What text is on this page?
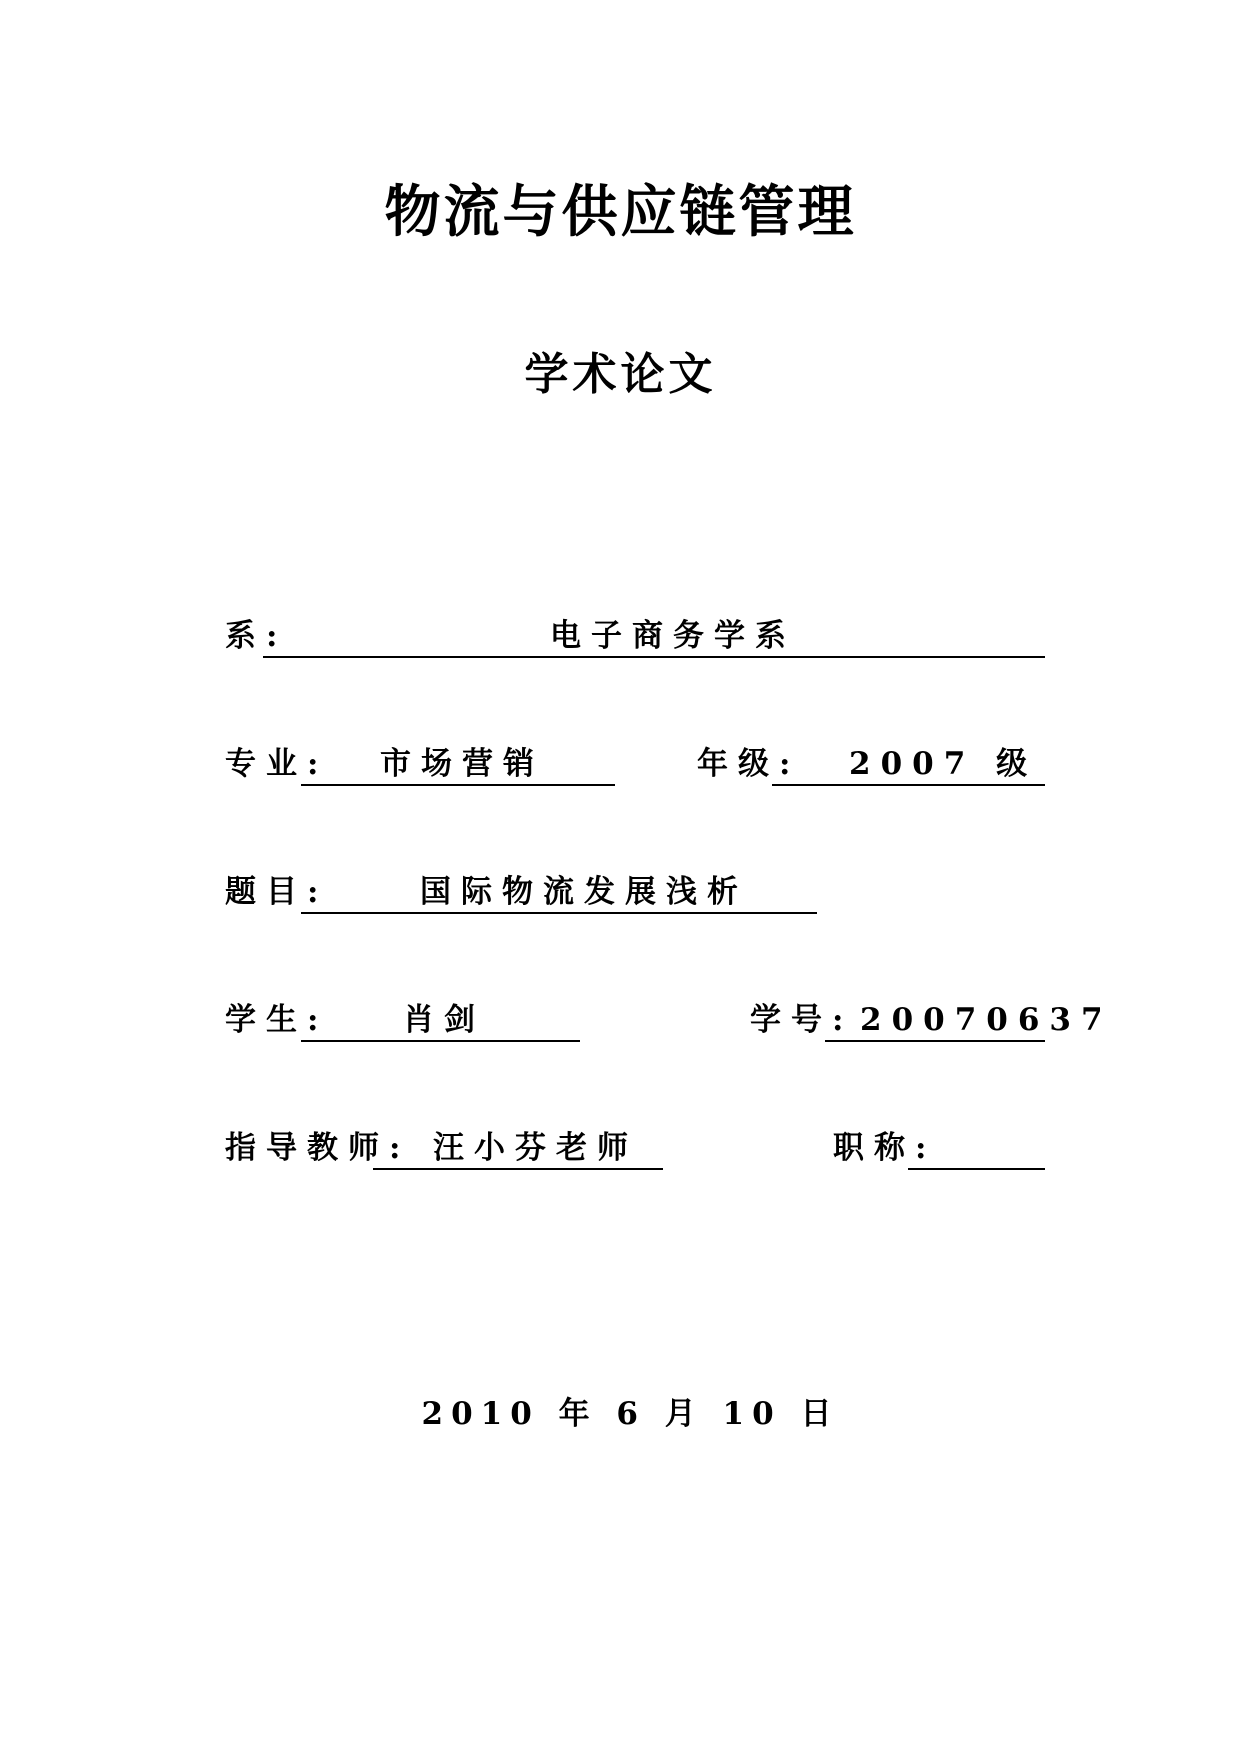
物流与供应链管理
学术论文
系:	电子商务学系
专业: 市场营销	年级: 2007 级
题目:	国际物流发展浅析
学生: 肖剑	学号: 20070637
指导教师: 汪小芬老师	职称:
2010 年 6 月 10 日
